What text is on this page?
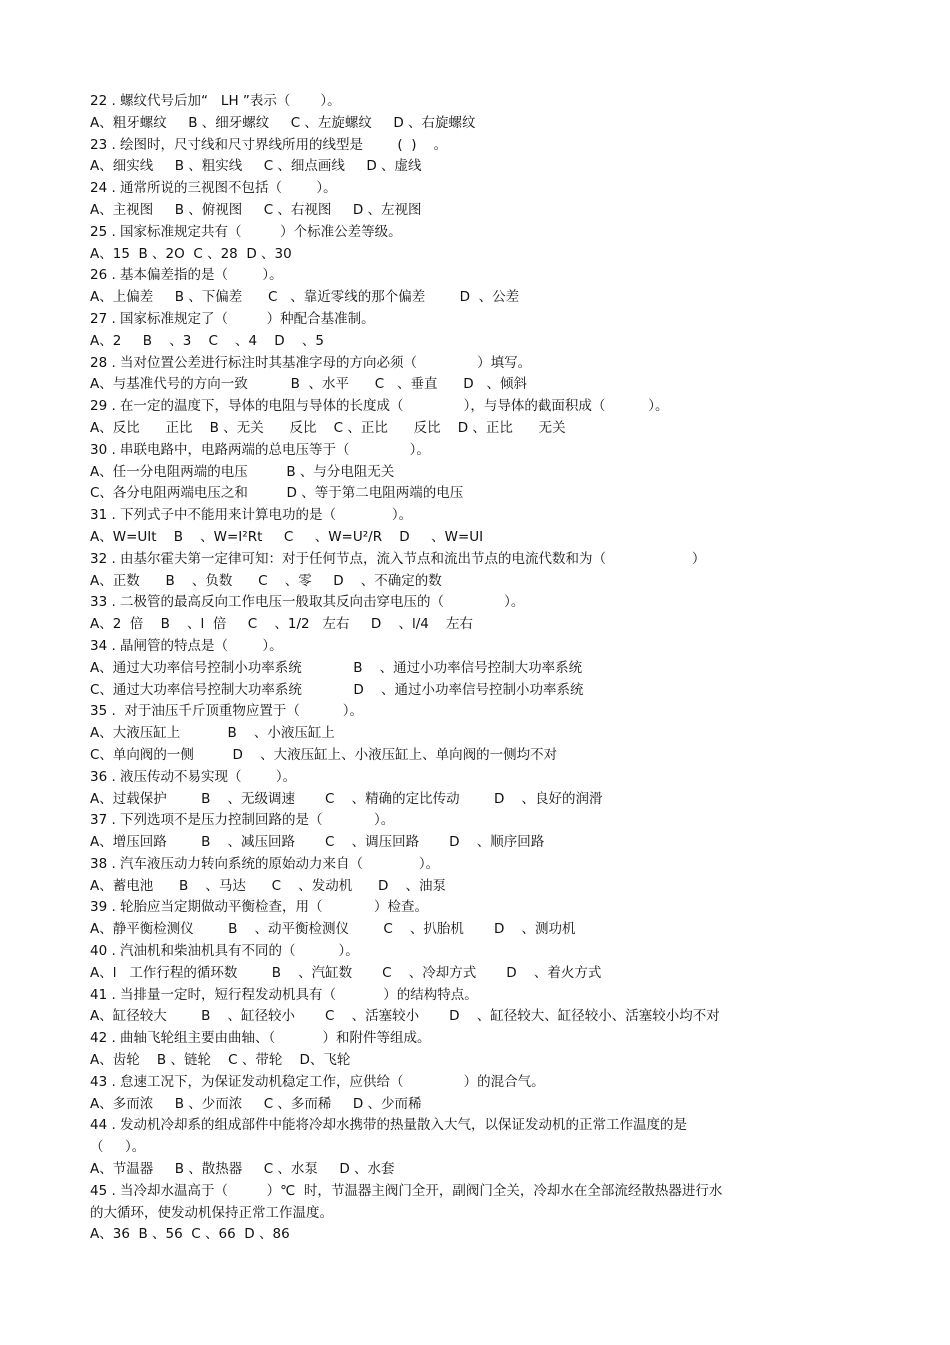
22 . 螺纹代号后加“   LH ”表示（       ）。
A、粗牙螺纹     B 、细牙螺纹     C 、左旋螺纹     D 、右旋螺纹
23 . 绘图时，尺寸线和尺寸界线所用的线型是        (  )    。
A、细实线     B 、粗实线     C 、细点画线     D 、虚线
24 . 通常所说的三视图不包括（        ）。
A、主视图     B 、俯视图     C 、右视图     D 、左视图
25 . 国家标准规定共有（         ）个标准公差等级。
A、15  B 、2O  C 、28  D 、30
26 . 基本偏差指的是（        ）。
A、上偏差     B 、下偏差      C   、靠近零线的那个偏差        D  、公差
27 . 国家标准规定了（         ）种配合基准制。
A、2     B    、3    C    、4    D    、5
28 . 当对位置公差进行标注时其基准字母的方向必须（              ）填写。
A、与基准代号的方向一致          B  、水平      C   、垂直      D   、倾斜
29 . 在一定的温度下，导体的电阻与导体的长度成（              ），与导体的截面积成（          ）。
A、反比      正比    B 、无关      反比    C 、正比      反比    D 、正比      无关
30 . 串联电路中，电路两端的总电压等于（              ）。
A、任一分电阻两端的电压         B 、与分电阻无关
C、各分电阻两端电压之和         D 、等于第二电阻两端的电压
31 . 下列式子中不能用来计算电功的是（             ）。
A、W=UIt    B    、W=I²Rt     C     、W=U²/R    D     、W=UI
32 . 由基尔霍夫第一定律可知：对于任何节点，流入节点和流出节点的电流代数和为（                    ）
A、正数      B    、负数      C    、零     D    、不确定的数
33 . 二极管的最高反向工作电压一般取其反向击穿电压的（              ）。
A、2  倍    B    、l  倍     C    、1/2   左右     D    、l/4    左右
34 . 晶闸管的特点是（        ）。
A、通过大功率信号控制小功率系统            B    、通过小功率信号控制大功率系统
C、通过大功率信号控制大功率系统            D    、通过小功率信号控制小功率系统
35 .  对于油压千斤顶重物应置于（          ）。
A、大液压缸上           B    、小液压缸上
C、单向阀的一侧         D    、大液压缸上、小液压缸上、单向阀的一侧均不对
36 . 液压传动不易实现（        ）。
A、过载保护        B    、无级调速       C    、精确的定比传动        D    、良好的润滑
37 . 下列选项不是压力控制回路的是（            ）。
A、增压回路        B    、减压回路       C    、调压回路       D    、顺序回路
38 . 汽车液压动力转向系统的原始动力来自（             ）。
A、蓄电池      B    、马达      C    、发动机      D    、油泵
39 . 轮胎应当定期做动平衡检查，用（            ）检查。
A、静平衡检测仪        B    、动平衡检测仪        C    、扒胎机       D    、测功机
40 . 汽油机和柴油机具有不同的（          ）。
A、l   工作行程的循环数        B    、汽缸数       C    、冷却方式       D    、着火方式
41 . 当排量一定时，短行程发动机具有（           ）的结构特点。
A、缸径较大        B    、缸径较小       C    、活塞较小       D    、缸径较大、缸径较小、活塞较小均不对
42 . 曲轴飞轮组主要由曲轴、（           ）和附件等组成。
A、齿轮    B 、链轮    C 、带轮    D、飞轮
43 . 怠速工况下，为保证发动机稳定工作，应供给（              ）的混合气。
A、多而浓     B 、少而浓     C 、多而稀     D 、少而稀
44 . 发动机冷却系的组成部件中能将冷却水携带的热量散入大气，以保证发动机的正常工作温度的是
（     ）。
A、节温器     B 、散热器     C 、水泵     D 、水套
45 . 当冷却水温高于（         ）℃  时，节温器主阀门全开，副阀门全关，冷却水在全部流经散热器进行水
的大循环，使发动机保持正常工作温度。
A、36  B 、56  C 、66  D 、86
